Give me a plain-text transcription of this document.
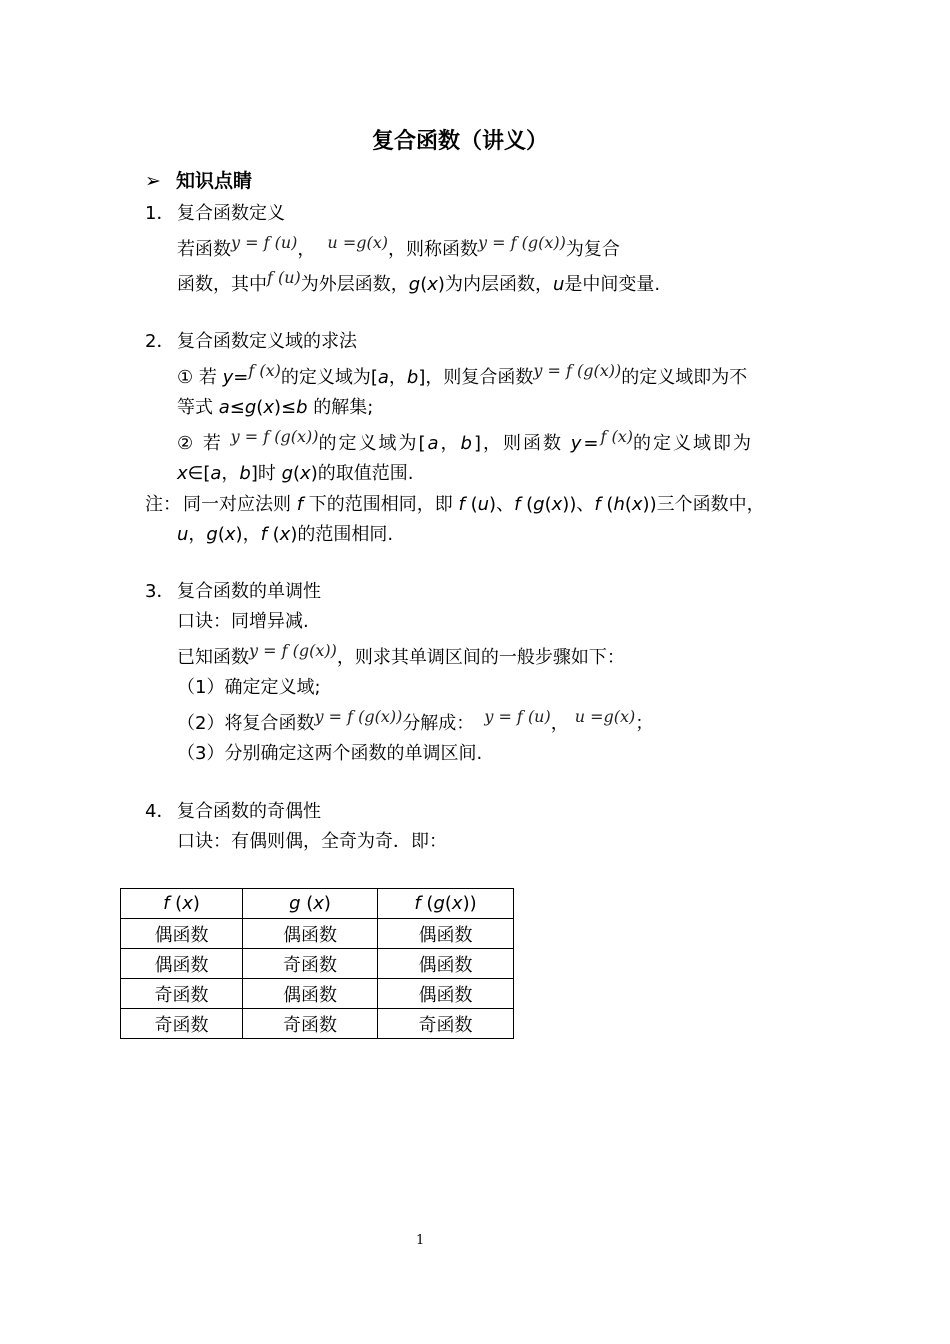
复合函数（讲义）
➢ 知识点睛
1． 复合函数定义
若函数y = f (u)， u =g(x)，则称函数y = f (g(x))为复合
函数，其中f (u)为外层函数，g(x)为内层函数，u是中间变量.
2． 复合函数定义域的求法
① 若 y=f (x)的定义域为[a，b]，则复合函数y = f (g(x))的定义域即为不
等式 a≤g(x)≤b 的解集;
② 若 y = f (g(x))的定义域为[a，b]，则函数 y=f (x)的定义域即为
x∈[a，b]时 g(x)的取值范围.
注： 同一对应法则 f 下的范围相同，即 f (u)、f (g(x))、f (h(x))三个函数中，
u，g(x)，f (x)的范围相同.
3． 复合函数的单调性
口诀：同增异减.
已知函数y = f (g(x))，则求其单调区间的一般步骤如下：
（1）确定定义域;
（2）将复合函数y = f (g(x))分解成： y = f (u)， u =g(x)；
（3）分别确定这两个函数的单调区间.
4． 复合函数的奇偶性
口诀：有偶则偶，全奇为奇．即：
f (x)	g (x)	f (g(x))
偶函数	偶函数	偶函数
偶函数	奇函数	偶函数
奇函数	偶函数	偶函数
奇函数	奇函数	奇函数
1
